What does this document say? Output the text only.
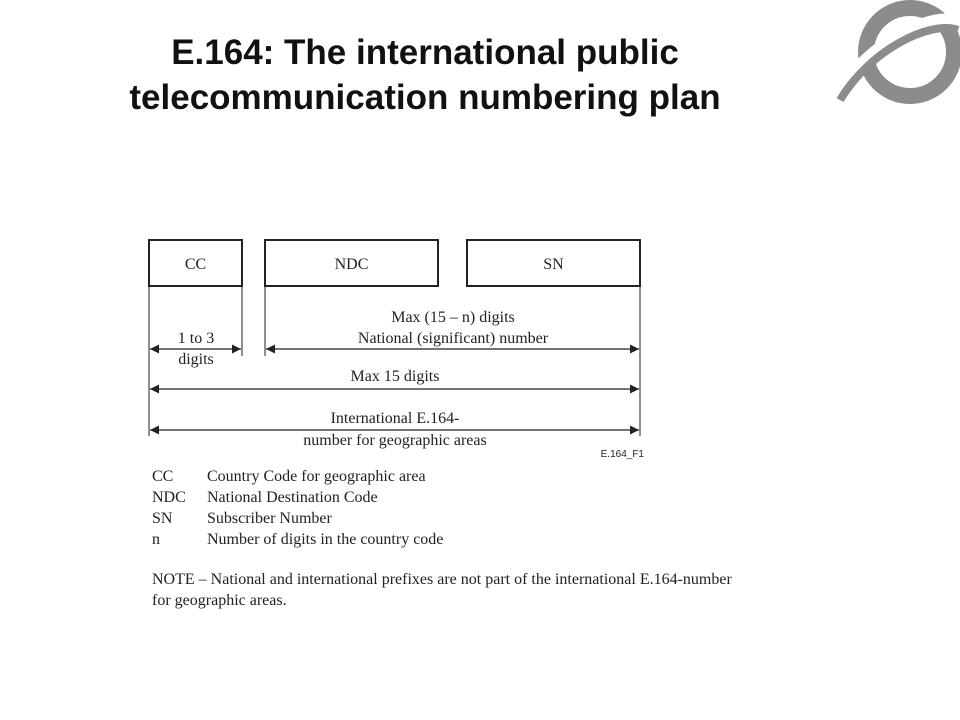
E.164: The international public
telecommunication numbering plan
CC	NDC	SN
1 to 3
digits
Max (15 – n) digits
National (significant) number
Max 15 digits
International E.164-
number for geographic areas
E.164_F1
CC	Country Code for geographic area
NDC	National Destination Code
SN	Subscriber Number
n	Number of digits in the country code
NOTE – National and international prefixes are not part of the international E.164-number
for geographic areas.
